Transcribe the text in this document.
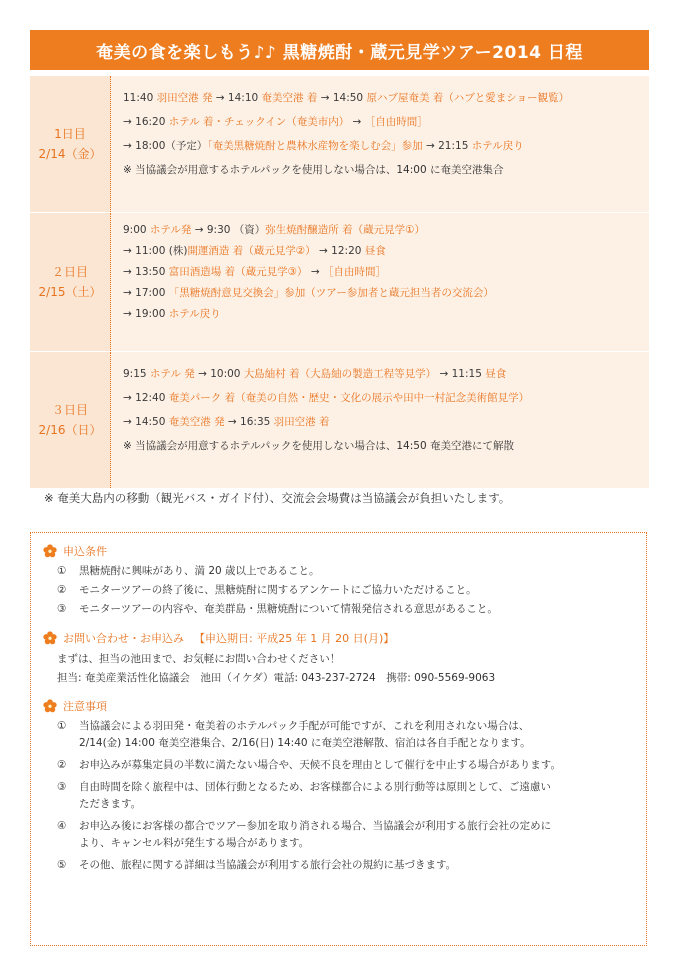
奄美の食を楽しもう♪♪ 黒糖焼酎・蔵元見学ツアー2014 日程
1日目
2/14（金）
11:40 羽田空港 発 → 14:10 奄美空港 着 → 14:50 原ハブ屋奄美 着（ハブと愛まショー観覧）
→ 16:20 ホテル 着・チェックイン（奄美市内） → ［自由時間］
→ 18:00（予定）「奄美黒糖焼酎と農林水産物を楽しむ会」参加 → 21:15 ホテル戻り
※ 当協議会が用意するホテルパックを使用しない場合は、14:00 に奄美空港集合
２日目
2/15（土）
9:00 ホテル発 → 9:30 （資）弥生焼酎醸造所 着（蔵元見学①）
→ 11:00 (株)開運酒造 着（蔵元見学②） → 12:20 昼食
→ 13:50 富田酒造場 着（蔵元見学③） → ［自由時間］
→ 17:00 「黒糖焼酎意見交換会」参加（ツアー参加者と蔵元担当者の交流会）
→ 19:00 ホテル戻り
３日目
2/16（日）
9:15 ホテル 発 → 10:00 大島紬村 着（大島紬の製造工程等見学） → 11:15 昼食
→ 12:40 奄美パーク 着（奄美の自然・歴史・文化の展示や田中一村記念美術館見学）
→ 14:50 奄美空港 発 → 16:35 羽田空港 着
※ 当協議会が用意するホテルパックを使用しない場合は、14:50 奄美空港にて解散
※ 奄美大島内の移動（観光バス・ガイド付）、交流会会場費は当協議会が負担いたします。
申込条件
①	黒糖焼酎に興味があり、満 20 歳以上であること。
②	モニターツアーの終了後に、黒糖焼酎に関するアンケートにご協力いただけること。
③	モニターツアーの内容や、奄美群島・黒糖焼酎について情報発信される意思があること。
お問い合わせ・お申込み 【申込期日: 平成25 年 1 月 20 日(月)】
まずは、担当の池田まで、お気軽にお問い合わせください！
担当: 奄美産業活性化協議会　池田（イケダ）電話: 043-237-2724　携帯: 090-5569-9063
注意事項
①	当協議会による羽田発・奄美着のホテルパック手配が可能ですが、これを利用されない場合は、
2/14(金) 14:00 奄美空港集合、2/16(日) 14:40 に奄美空港解散、宿泊は各自手配となります。
②	お申込みが募集定員の半数に満たない場合や、天候不良を理由として催行を中止する場合があります。
③	自由時間を除く旅程中は、団体行動となるため、お客様都合による別行動等は原則として、ご遠慮い
ただきます。
④	お申込み後にお客様の都合でツアー参加を取り消される場合、当協議会が利用する旅行会社の定めに
より、キャンセル料が発生する場合があります。
⑤	その他、旅程に関する詳細は当協議会が利用する旅行会社の規約に基づきます。
